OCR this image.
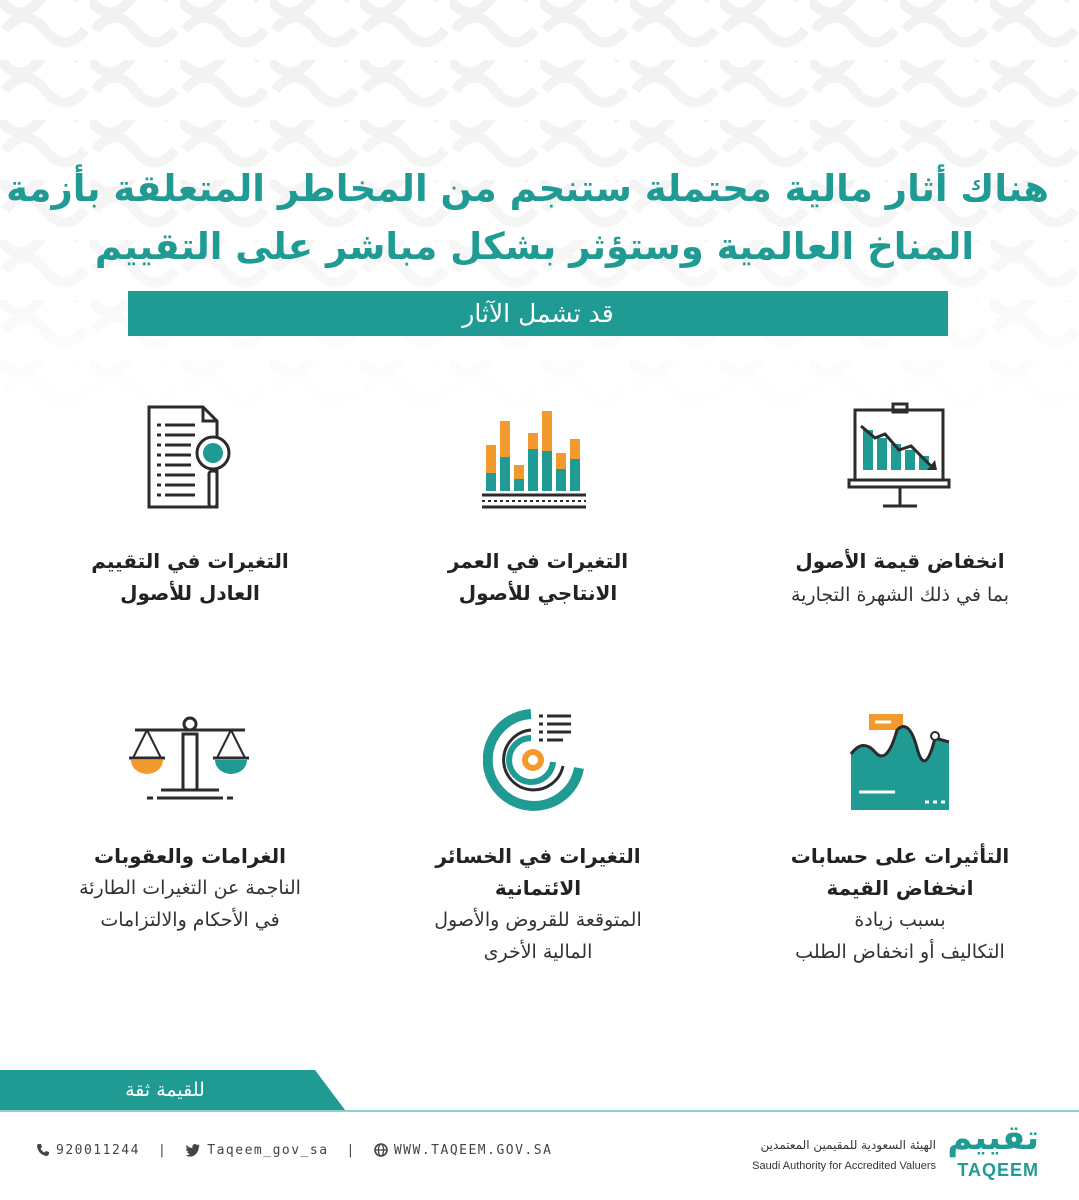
هناك أثار مالية محتملة ستنجم من المخاطر المتعلقة بأزمة
المناخ العالمية وستؤثر بشكل مباشر على التقييم
قد تشمل الآثار
انخفاض قيمة الأصول
بما في ذلك الشهرة التجارية
التغيرات في العمر
الانتاجي للأصول
التغيرات في التقييم
العادل للأصول
التأثيرات على حسابات
انخفاض القيمة
بسبب زيادة
التكاليف أو انخفاض الطلب
التغيرات في الخسائر
الائتمانية
المتوقعة للقروض والأصول
المالية الأخرى
الغرامات والعقوبات
الناجمة عن التغيرات الطارئة
في الأحكام والالتزامات
للقيمة ثقة
920011244 |	Taqeem_gov_sa |	WWW.TAQEEM.GOV.SA	الهيئة السعودية للمقيمين المعتمدين
Saudi Authority for Accredited Valuers
تقييم
TAQEEM
